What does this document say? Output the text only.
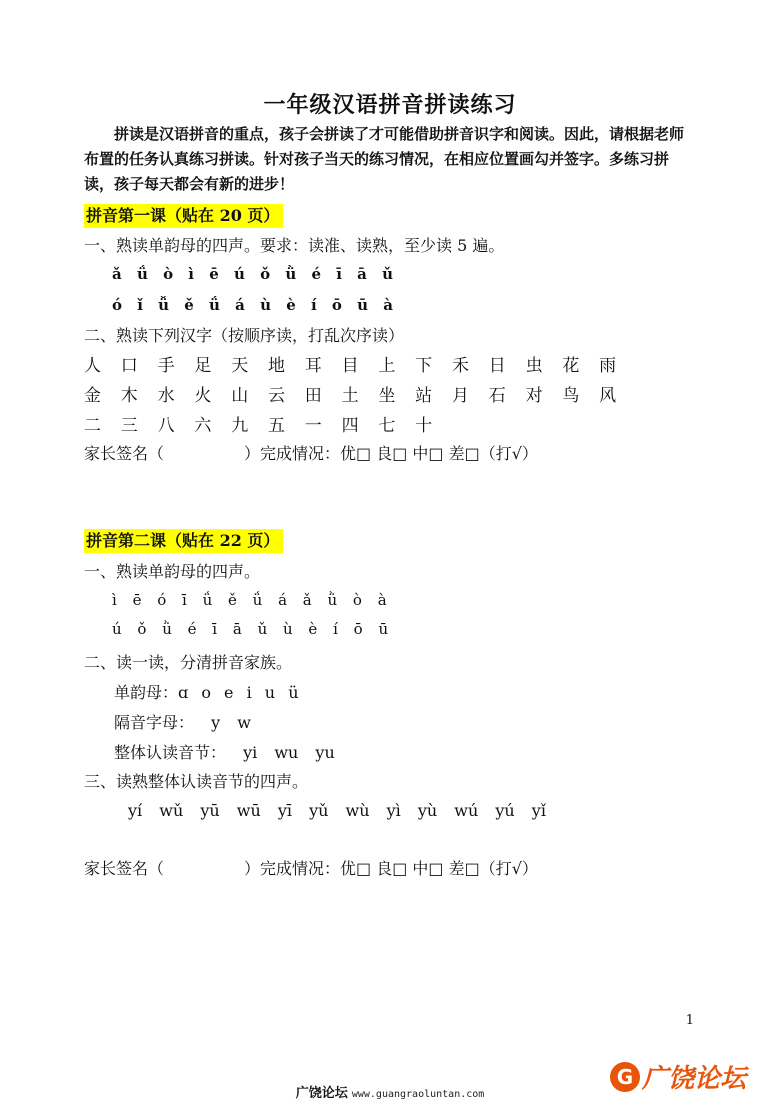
一年级汉语拼音拼读练习

拼读是汉语拼音的重点，孩子会拼读了才可能借助拼音识字和阅读。因此，请根据老师布置的任务认真练习拼读。针对孩子当天的练习情况，在相应位置画勾并签字。多练习拼读，孩子每天都会有新的进步！

拼音第一课（贴在 20 页）
一、熟读单韵母的四声。要求：读准、读熟，至少读 5 遍。
ǎ ǘ ò ì ē ú ǒ ǜ é ī ā ǔ
ó ǐ ǚ ě ǘ á ù è í ō ū à
二、熟读下列汉字（按顺序读，打乱次序读）
人	口	手	足	天	地	耳	目	上	下	禾	日	虫	花	雨
金	木	水	火	山	云	田	土	坐	站	月	石	对	鸟	风
二	三	八	六	九	五	一	四	七	十
家长签名（　　　　　）完成情况：优□ 良□ 中□ 差□（打√）
拼音第二课（贴在 22 页）
一、熟读单韵母的四声。
ì ē ó ī ǘ ě ǘ á ǎ ǜ ò à
ú ǒ ǜ é ī ā ǔ ù è í ō ū
二、读一读，分清拼音家族。
单韵母：ɑ o e i u ü
隔音字母： y w
整体认读音节： yi wu yu
三、读熟整体认读音节的四声。
yí wǔ yū wū yī yǔ wù yì yù wú yú yǐ
家长签名（　　　　　）完成情况：优□ 良□ 中□ 差□（打√）
1
广饶论坛 www.guangraoluntan.com
G 广饶论坛
